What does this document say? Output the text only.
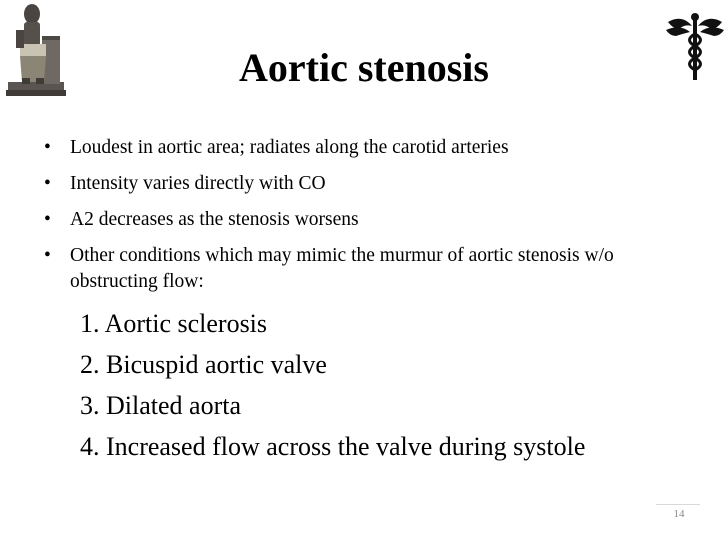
Aortic stenosis
• Loudest in aortic area; radiates along the carotid arteries
• Intensity varies directly with CO
• A2 decreases as the stenosis worsens
• Other conditions which may mimic the murmur of aortic stenosis w/o obstructing flow:
1. Aortic sclerosis
2. Bicuspid aortic valve
3. Dilated aorta
4. Increased flow across the valve during systole
14
